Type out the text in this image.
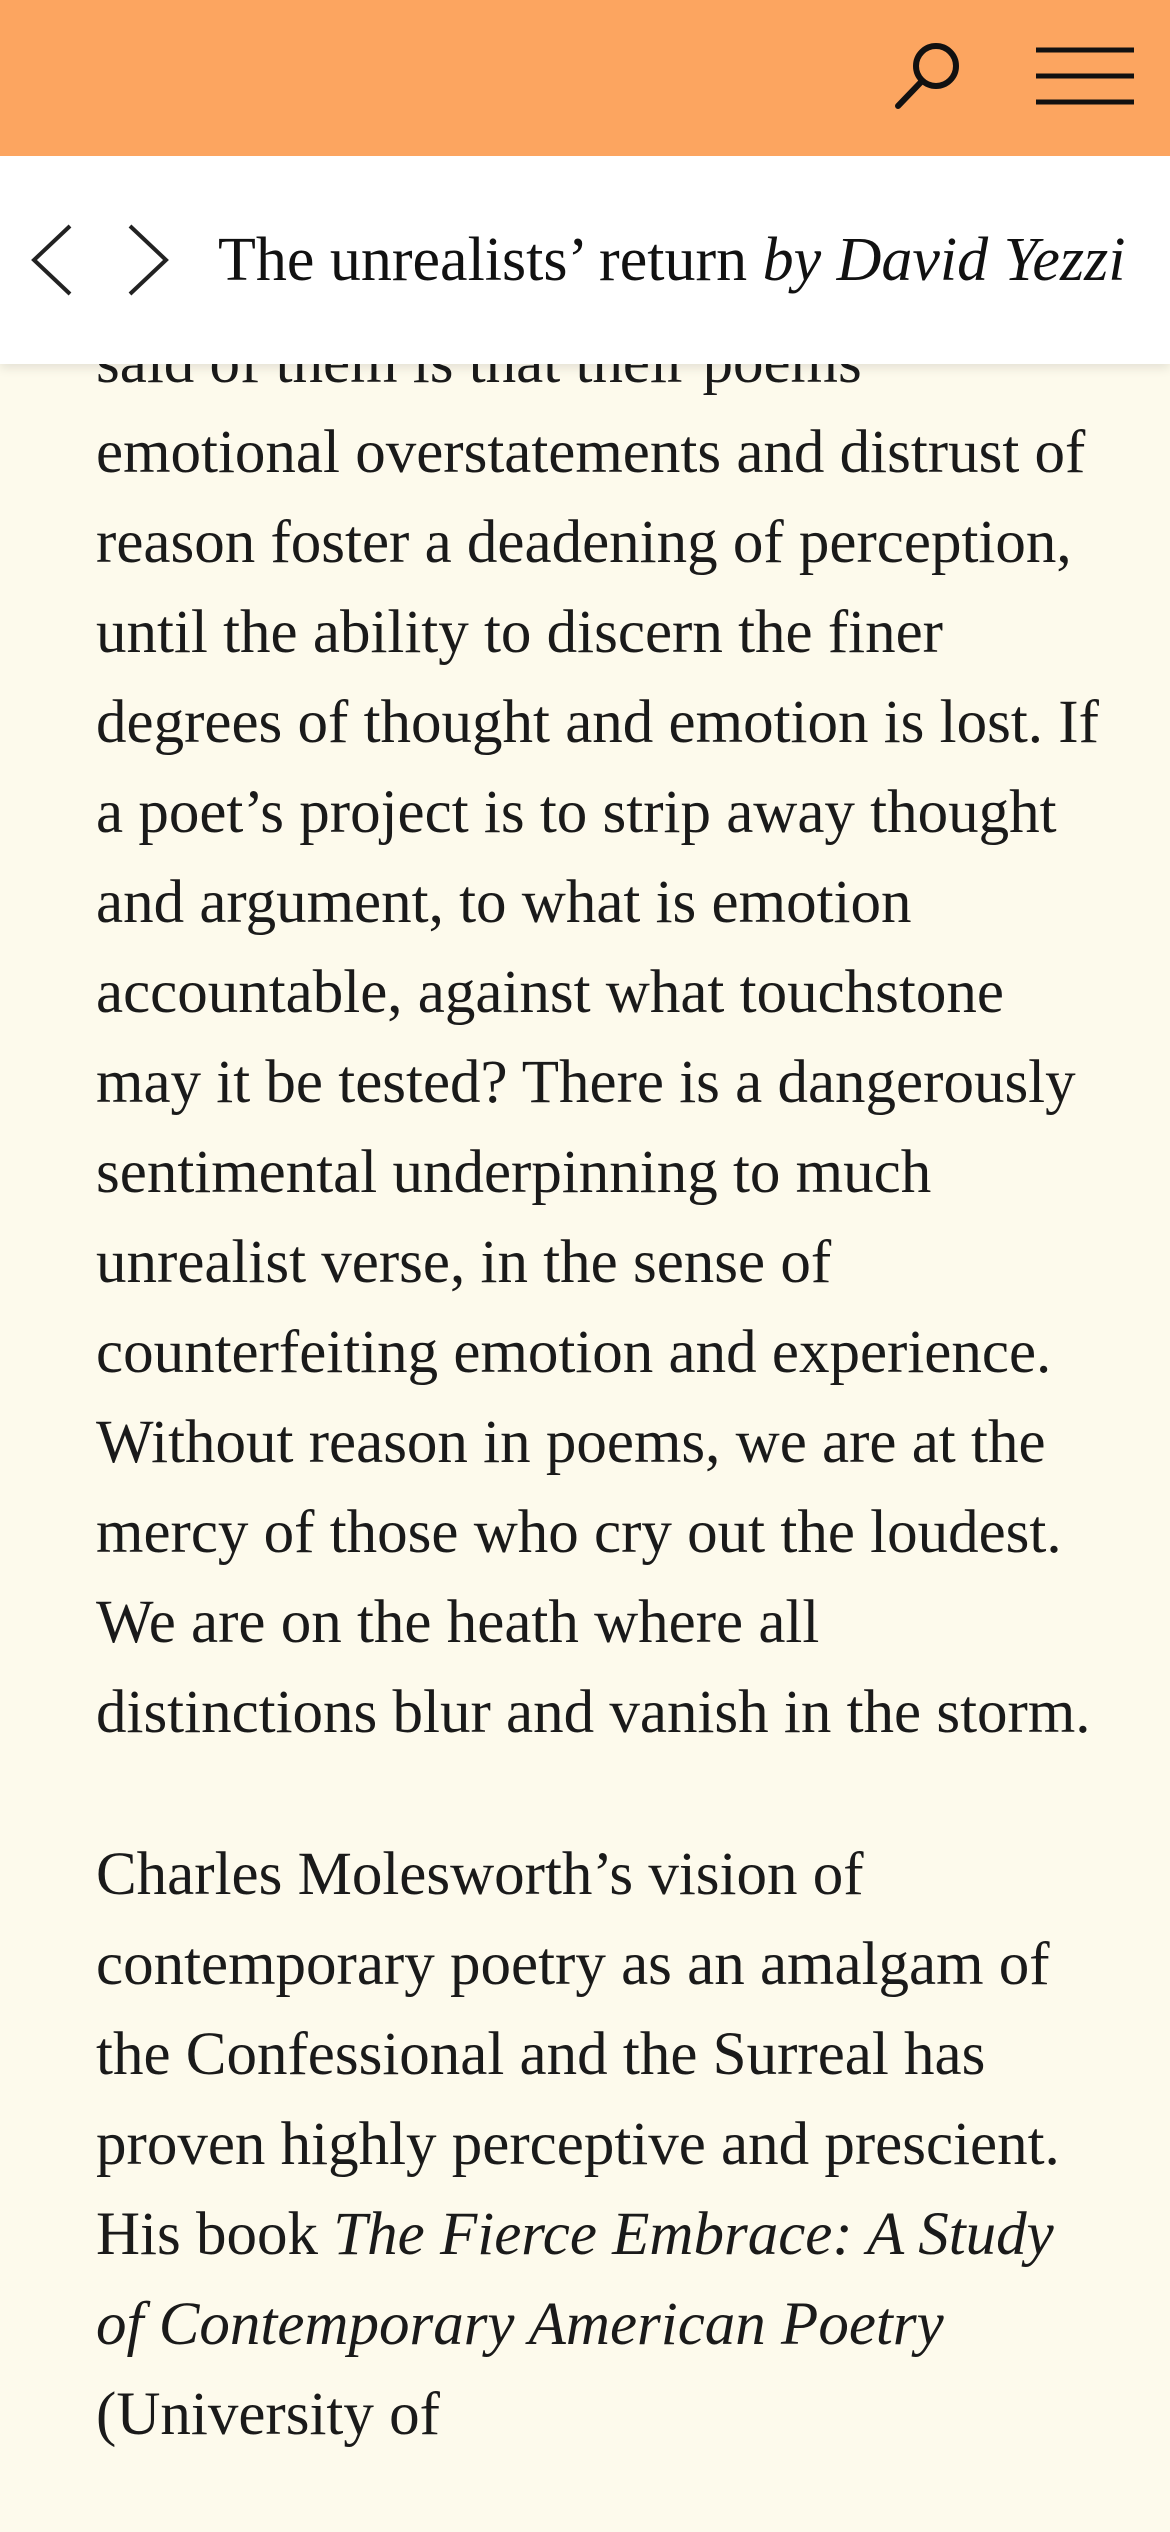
The unrealists’ return by David Yezzi

emotional overstatements and distrust of reason foster a deadening of perception, until the ability to discern the finer degrees of thought and emotion is lost. If a poet’s project is to strip away thought and argument, to what is emotion accountable, against what touchstone may it be tested? There is a dangerously sentimental underpinning to much unrealist verse, in the sense of counterfeiting emotion and experience. Without reason in poems, we are at the mercy of those who cry out the loudest. We are on the heath where all distinctions blur and vanish in the storm.

Charles Molesworth’s vision of contemporary poetry as an amalgam of the Confessional and the Surreal has proven highly perceptive and prescient. His book The Fierce Embrace: A Study of Contemporary American Poetry (University of
